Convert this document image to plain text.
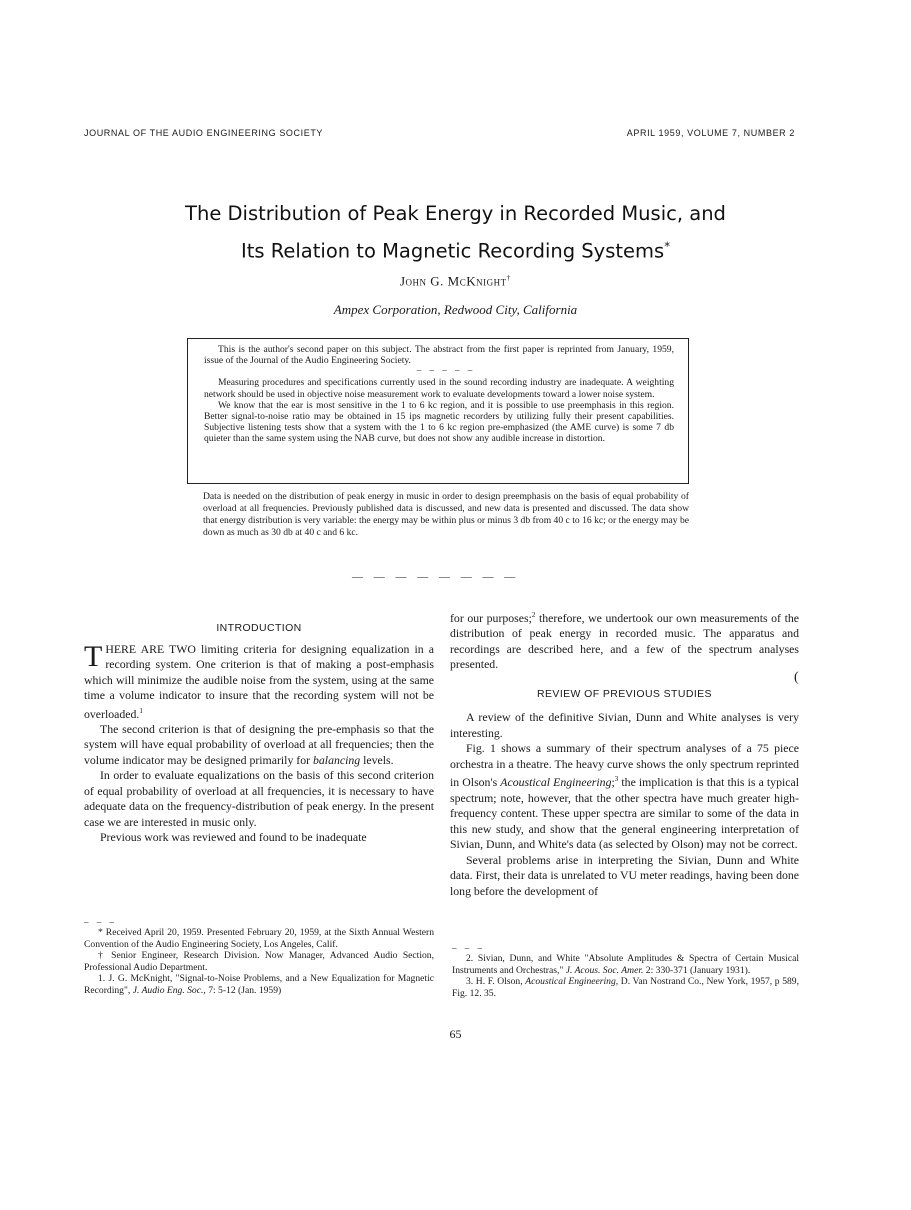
JOURNAL OF THE AUDIO ENGINEERING SOCIETY	APRIL 1959, VOLUME 7, NUMBER 2
The Distribution of Peak Energy in Recorded Music, and
Its Relation to Magnetic Recording Systems*
John G. McKnight†
Ampex Corporation, Redwood City, California

This is the author's second paper on this subject. The abstract from the first paper is reprinted from January, 1959, issue of the Journal of the Audio Engineering Society.

– – – – –

Measuring procedures and specifications currently used in the sound recording industry are inadequate. A weighting network should be used in objective noise measurement work to evaluate developments toward a lower noise system.

We know that the ear is most sensitive in the 1 to 6 kc region, and it is possible to use preemphasis in this region. Better signal-to-noise ratio may be obtained in 15 ips magnetic recorders by utilizing fully their present capabilities. Subjective listening tests show that a system with the 1 to 6 kc region pre-emphasized (the AME curve) is some 7 db quieter than the same system using the NAB curve, but does not show any audible increase in distortion.

Data is needed on the distribution of peak energy in music in order to design preemphasis on the basis of equal probability of overload at all frequencies. Previously published data is discussed, and new data is presented and discussed. The data show that energy distribution is very variable: the energy may be within plus or minus 3 db from 40 c to 16 kc; or the energy may be down as much as 30 db at 40 c and 6 kc.
— — — — — — — —

INTRODUCTION

THERE ARE TWO limiting criteria for designing equalization in a recording system. One criterion is that of making a post-emphasis which will minimize the audible noise from the system, using at the same time a volume indicator to insure that the recording system will not be overloaded.$^1$

The second criterion is that of designing the pre-emphasis so that the system will have equal probability of overload at all frequencies; then the volume indicator may be designed primarily for balancing levels.

In order to evaluate equalizations on the basis of this second criterion of equal probability of overload at all frequencies, it is necessary to have adequate data on the frequency-distribution of peak energy. In the present case we are interested in music only.

Previous work was reviewed and found to be inadequate

for our purposes;$^2$ therefore, we undertook our own measurements of the distribution of peak energy in recorded music. The apparatus and recordings are described here, and a few of the spectrum analyses presented.

REVIEW OF PREVIOUS STUDIES

A review of the definitive Sivian, Dunn and White analyses is very interesting.

Fig. 1 shows a summary of their spectrum analyses of a 75 piece orchestra in a theatre. The heavy curve shows the only spectrum reprinted in Olson's Acoustical Engineering;$^3$ the implication is that this is a typical spectrum; note, however, that the other spectra have much greater high-frequency content. These upper spectra are similar to some of the data in this new study, and show that the general engineering interpretation of Sivian, Dunn, and White's data (as selected by Olson) may not be correct.

Several problems arise in interpreting the Sivian, Dunn and White data. First, their data is unrelated to VU meter readings, having been done long before the development of

(
– – –

* Received April 20, 1959. Presented February 20, 1959, at the Sixth Annual Western Convention of the Audio Engineering Society, Los Angeles, Calif.

† Senior Engineer, Research Division. Now Manager, Advanced Audio Section, Professional Audio Department.

1. J. G. McKnight, "Signal-to-Noise Problems, and a New Equalization for Magnetic Recording", J. Audio Eng. Soc., 7: 5-12 (Jan. 1959)

– – –

2. Sivian, Dunn, and White "Absolute Amplitudes & Spectra of Certain Musical Instruments and Orchestras," J. Acous. Soc. Amer. 2: 330-371 (January 1931).

3. H. F. Olson, Acoustical Engineering, D. Van Nostrand Co., New York, 1957, p 589, Fig. 12. 35.

65
